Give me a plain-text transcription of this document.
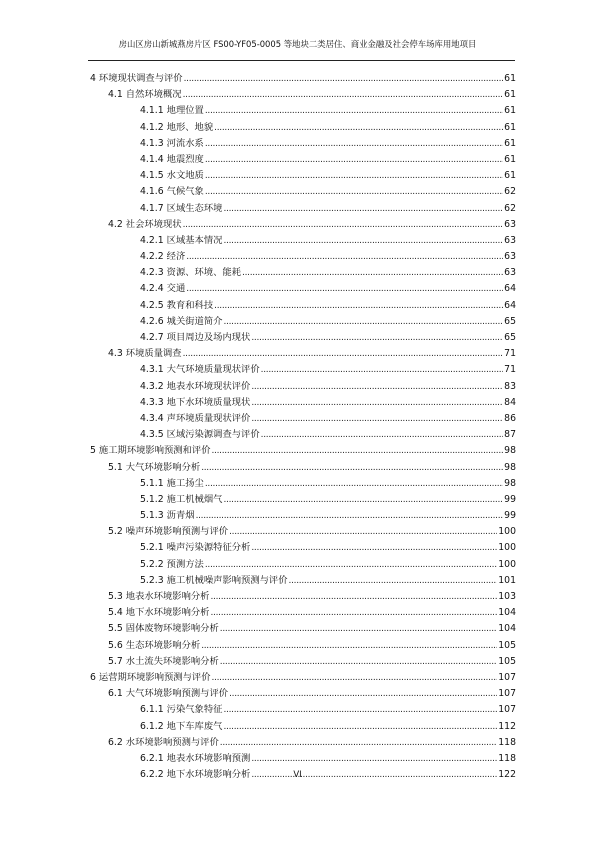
房山区房山新城燕房片区 FS00-YF05-0005 等地块二类居住、商业金融及社会停车场库用地项目
4 环境现状调查与评价 .....	61
4.1 自然环境概况 .....	61
4.1.1 地理位置 .....	61
4.1.2 地形、地貌 .....	61
4.1.3 河流水系 .....	61
4.1.4 地震烈度 .....	61
4.1.5 水文地质 .....	61
4.1.6 气候气象 .....	62
4.1.7 区域生态环境 .....	62
4.2 社会环境现状 .....	63
4.2.1 区域基本情况 .....	63
4.2.2 经济 .....	63
4.2.3 资源、环境、能耗 .....	63
4.2.4 交通 .....	64
4.2.5 教育和科技 .....	64
4.2.6 城关街道简介 .....	65
4.2.7 项目周边及场内现状 .....	65
4.3 环境质量调查 .....	71
4.3.1 大气环境质量现状评价 .....	71
4.3.2 地表水环境现状评价 .....	83
4.3.3 地下水环境质量现状 .....	84
4.3.4 声环境质量现状评价 .....	86
4.3.5 区域污染源调查与评价 .....	87
5 施工期环境影响预测和评价 .....	98
5.1 大气环境影响分析 .....	98
5.1.1 施工扬尘 .....	98
5.1.2 施工机械烟气 .....	99
5.1.3 沥青烟 .....	99
5.2 噪声环境影响预测与评价 .....	100
5.2.1 噪声污染源特征分析 .....	100
5.2.2 预测方法 .....	100
5.2.3 施工机械噪声影响预测与评价 .....	101
5.3 地表水环境影响分析 .....	103
5.4 地下水环境影响分析 .....	104
5.5 固体废物环境影响分析 .....	104
5.6 生态环境影响分析 .....	105
5.7 水土流失环境影响分析 .....	105
6 运营期环境影响预测与评价 .....	107
6.1 大气环境影响预测与评价 .....	107
6.1.1 污染气象特征 .....	107
6.1.2 地下车库废气 .....	112
6.2 水环境影响预测与评价 .....	118
6.2.1 地表水环境影响预测 .....	118
6.2.2 地下水环境影响分析 .....	122
VI
